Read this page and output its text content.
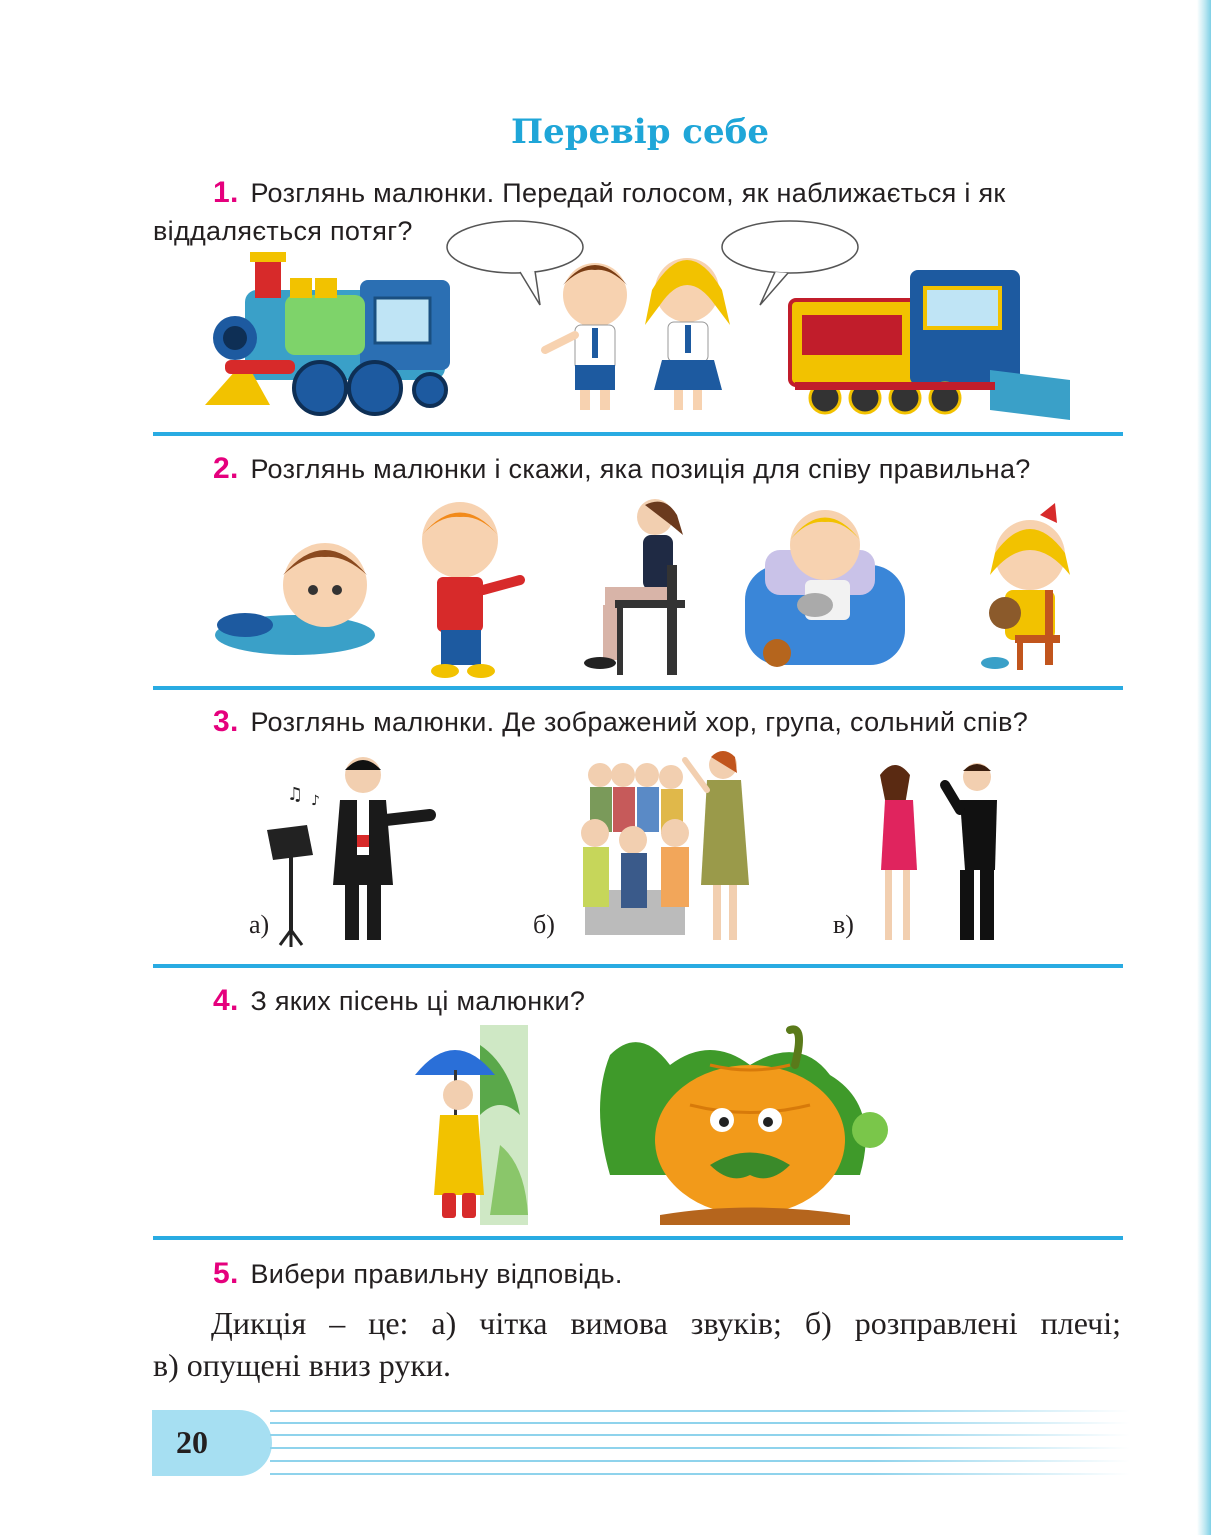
Перевір себе
1. Розглянь малюнки. Передай голосом, як наближається і як
віддаляється потяг?
2. Розглянь малюнки і скажи, яка позиція для співу правильна?
3. Розглянь малюнки. Де зображений хор, група, сольний спів?
♫ ♪
а)	б)	в)
4. З яких пісень ці малюнки?
5. Вибери правильну відповідь.
Дикція – це: а) чітка вимова звуків; б) розправлені плечі;
в) опущені вниз руки.
20
